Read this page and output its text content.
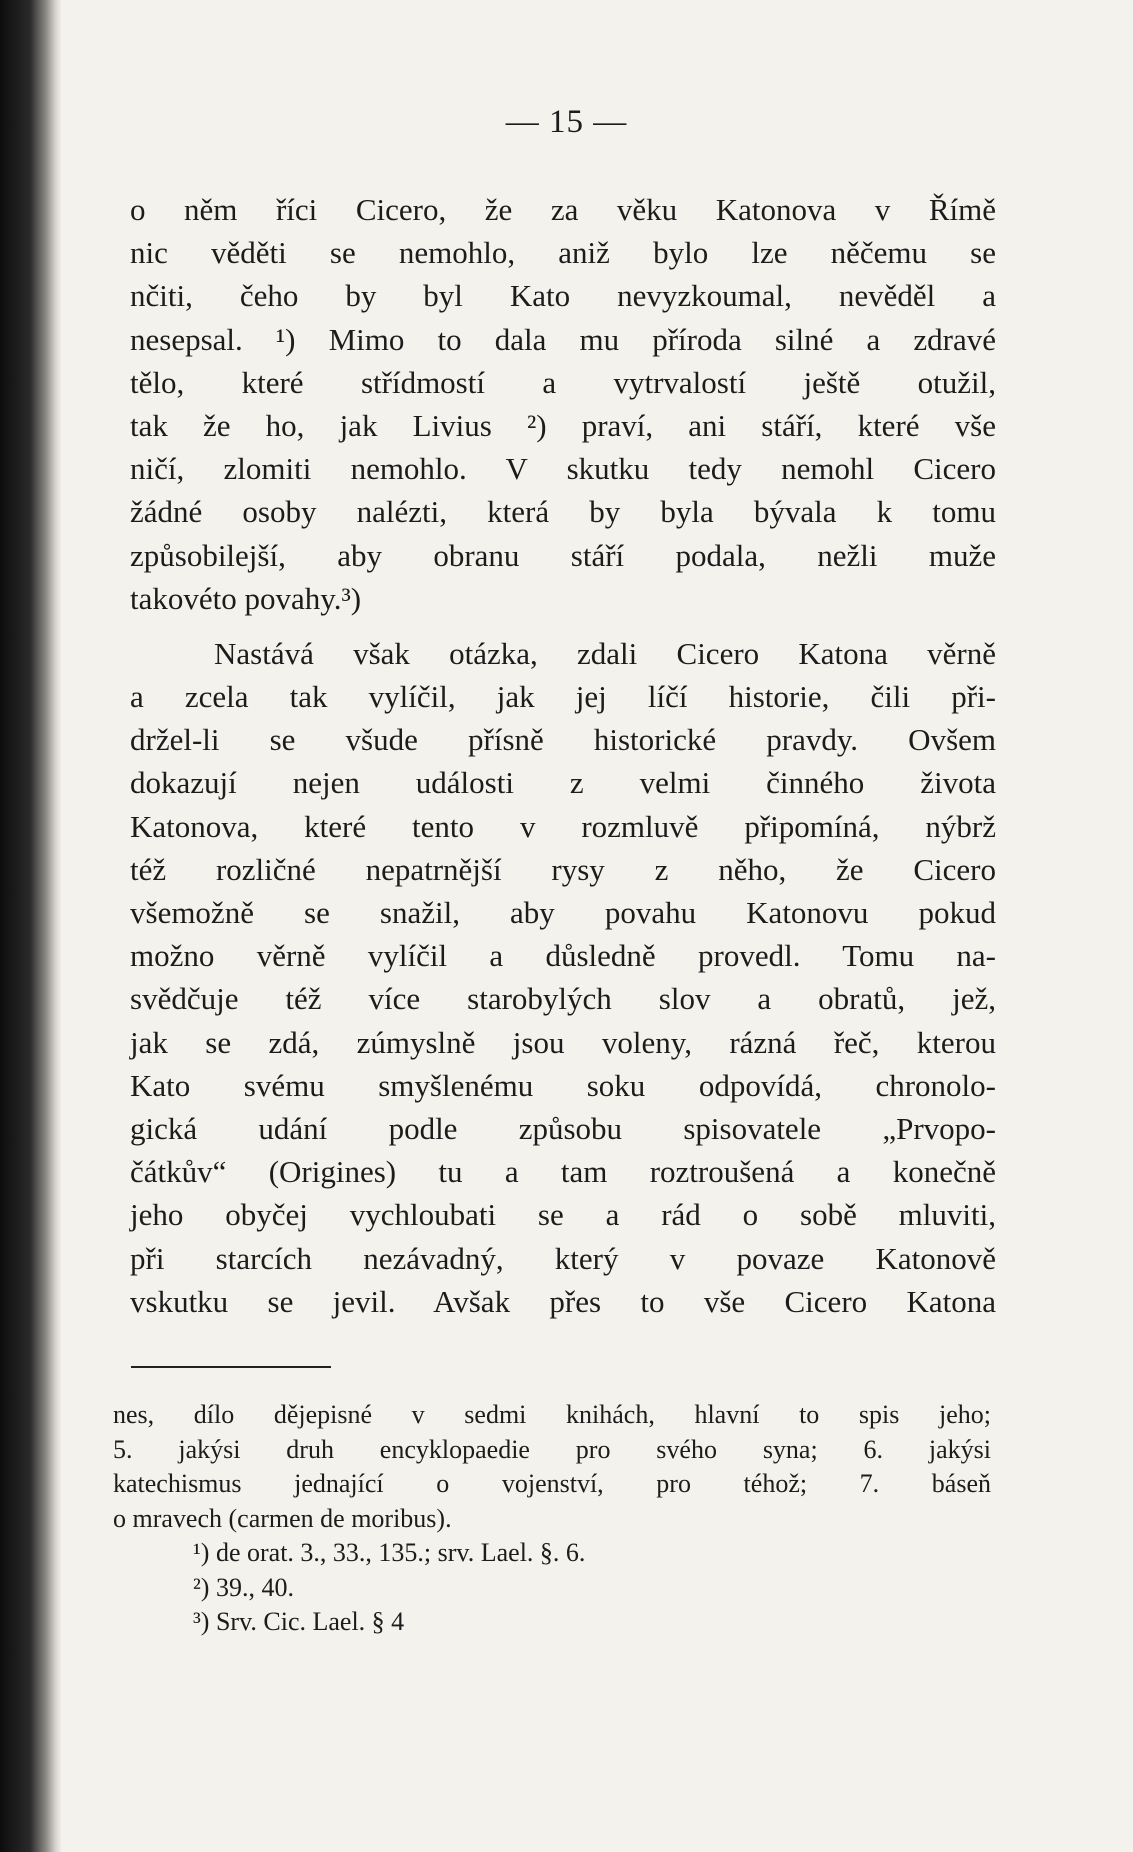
— 15 —
o něm říci Cicero, že za věku Katonova v Římě
nic věděti se nemohlo, aniž bylo lze něčemu se
nčiti, čeho by byl Kato nevyzkoumal, nevěděl a
nesepsal. ¹) Mimo to dala mu příroda silné a zdravé
tělo, které střídmostí a vytrvalostí ještě otužil,
tak že ho, jak Livius ²) praví, ani stáří, které vše
ničí, zlomiti nemohlo. V skutku tedy nemohl Cicero
žádné osoby nalézti, která by byla bývala k tomu
způsobilejší, aby obranu stáří podala, nežli muže
takovéto povahy.³)
Nastává však otázka, zdali Cicero Katona věrně
a zcela tak vylíčil, jak jej líčí historie, čili při-
držel-li se všude přísně historické pravdy. Ovšem
dokazují nejen události z velmi činného života
Katonova, které tento v rozmluvě připomíná, nýbrž
též rozličné nepatrnější rysy z něho, že Cicero
všemožně se snažil, aby povahu Katonovu pokud
možno věrně vylíčil a důsledně provedl. Tomu na-
svědčuje též více starobylých slov a obratů, jež,
jak se zdá, zúmyslně jsou voleny, rázná řeč, kterou
Kato svému smyšlenému soku odpovídá, chronolo-
gická udání podle způsobu spisovatele „Prvopo-
čátkův“ (Origines) tu a tam roztroušená a konečně
jeho obyčej vychloubati se a rád o sobě mluviti,
při starcích nezávadný, který v povaze Katonově
vskutku se jevil. Avšak přes to vše Cicero Katona
nes, dílo dějepisné v sedmi knihách, hlavní to spis jeho;
5. jakýsi druh encyklopaedie pro svého syna; 6. jakýsi
katechismus jednající o vojenství, pro téhož; 7. báseň
o mravech (carmen de moribus).
¹) de orat. 3., 33., 135.; srv. Lael. §. 6.
²) 39., 40.
³) Srv. Cic. Lael. § 4
